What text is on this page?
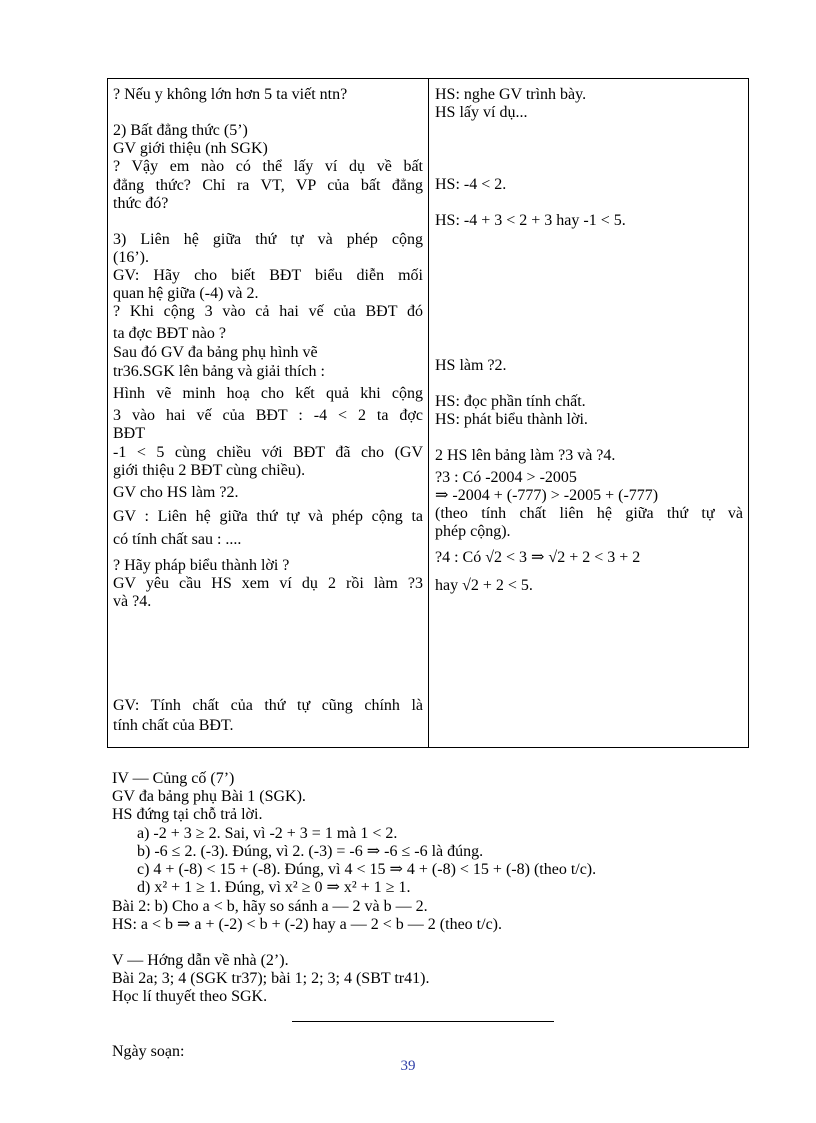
? Nếu y không lớn hơn 5 ta viết ntn?
2) Bất đẳng thức (5’)
GV giới thiệu (nh SGK)
? Vậy em nào có thể lấy ví dụ về bất
đẳng thức? Chỉ ra VT, VP của bất đẳng
thức đó?
3) Liên hệ giữa thứ tự và phép cộng
(16’).
GV: Hãy cho biết BĐT biểu diễn mối
quan hệ giữa (-4) và 2.
? Khi cộng 3 vào cả hai vế của BĐT đó
ta đợc BĐT nào ?
Sau đó GV đa bảng phụ hình vẽ
tr36.SGK lên bảng và giải thích :
Hình vẽ minh hoạ cho kết quả khi cộng
3 vào hai vế của BĐT : -4 < 2 ta đợc
BĐT
-1 < 5 cùng chiều với BĐT đã cho (GV
giới thiệu 2 BĐT cùng chiều).
GV cho HS làm ?2.
GV : Liên hệ giữa thứ tự và phép cộng ta
có tính chất sau : ....
? Hãy pháp biểu thành lời ?
GV yêu cầu HS xem ví dụ 2 rồi làm ?3
và ?4.
GV: Tính chất của thứ tự cũng chính là
tính chất của BĐT.
HS: nghe GV trình bày.
HS lấy ví dụ...
HS: -4 < 2.
HS: -4 + 3 < 2 + 3 hay -1 < 5.
HS làm ?2.
HS: đọc phần tính chất.
HS: phát biểu thành lời.
2 HS lên bảng làm ?3 và ?4.
?3 : Có -2004 > -2005
⇒ -2004 + (-777) > -2005 + (-777)
(theo tính chất liên hệ giữa thứ tự và
phép cộng).
?4 : Có √2 < 3 ⇒ √2 + 2 < 3 + 2
hay √2 + 2 < 5.
IV — Củng cố (7’)
GV đa bảng phụ Bài 1 (SGK).
HS đứng tại chỗ trả lời.
a) -2 + 3 ≥ 2. Sai, vì -2 + 3 = 1 mà 1 < 2.
b) -6 ≤ 2. (-3). Đúng, vì 2. (-3) = -6 ⇒ -6 ≤ -6 là đúng.
c) 4 + (-8) < 15 + (-8). Đúng, vì 4 < 15 ⇒ 4 + (-8) < 15 + (-8) (theo t/c).
d) x² + 1 ≥ 1. Đúng, vì x² ≥ 0 ⇒ x² + 1 ≥ 1.
Bài 2: b) Cho a < b, hãy so sánh a — 2 và b — 2.
HS: a < b ⇒ a + (-2) < b + (-2) hay a — 2 < b — 2 (theo t/c).
V — Hớng dẫn về nhà (2’).
Bài 2a; 3; 4 (SGK tr37); bài 1; 2; 3; 4 (SBT tr41).
Học lí thuyết theo SGK.
Ngày soạn:
39
